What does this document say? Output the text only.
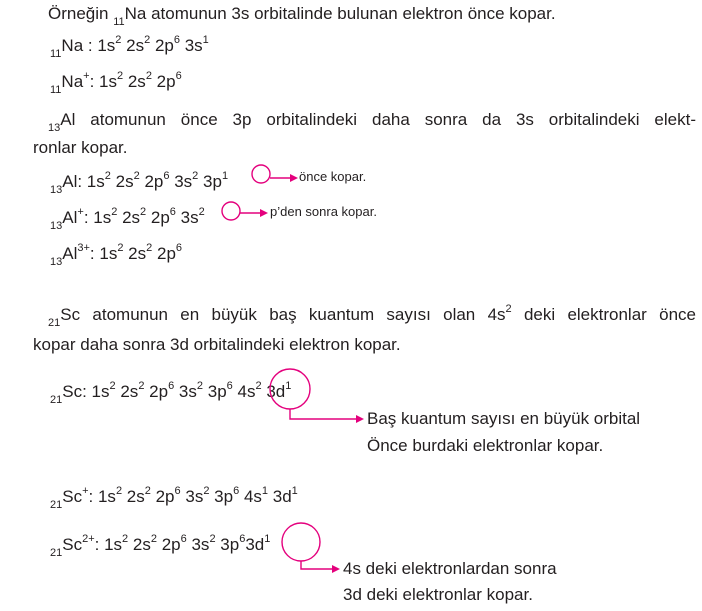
Örneğin $_{11}$Na atomunun 3s orbitalinde bulunan elektron önce kopar.
$_{11}$Na : $1s^2$ $2s^2$ $2p^6$ $3s^1$
$_{11}$Na+: $1s^2$ $2s^2$ $2p^6$
$_{13}$Al atomunun önce 3p orbitalindeki daha sonra da 3s orbitalindeki elekt-
ronlar kopar.
$_{13}$Al: $1s^2$ $2s^2$ $2p^6$ $3s^2$ $3p^1$	önce kopar.
$_{13}$Al+: $1s^2$ $2s^2$ $2p^6$ $3s^2$	p’den sonra kopar.
$_{13}Al^{3+}$: $1s^2$ $2s^2$ $2p^6$
$_{21}$Sc atomunun en büyük baş kuantum sayısı olan $4s^2$ deki elektronlar önce
kopar daha sonra 3d orbitalindeki elektron kopar.
$_{21}$Sc: $1s^2$ $2s^2$ $2p^6$ $3s^2$ $3p^6$ $4s^2$ $3d^1$
Baş kuantum sayısı en büyük orbital
Önce burdaki elektronlar kopar.
$_{21}$Sc+: $1s^2$ $2s^2$ $2p^6$ $3s^2$ $3p^6$ $4s^1$ $3d^1$
$_{21}Sc^{2+}$: $1s^2$ $2s^2$ $2p^6$ $3s^2$ $3p^63d^1$
4s deki elektronlardan sonra
3d deki elektronlar kopar.
